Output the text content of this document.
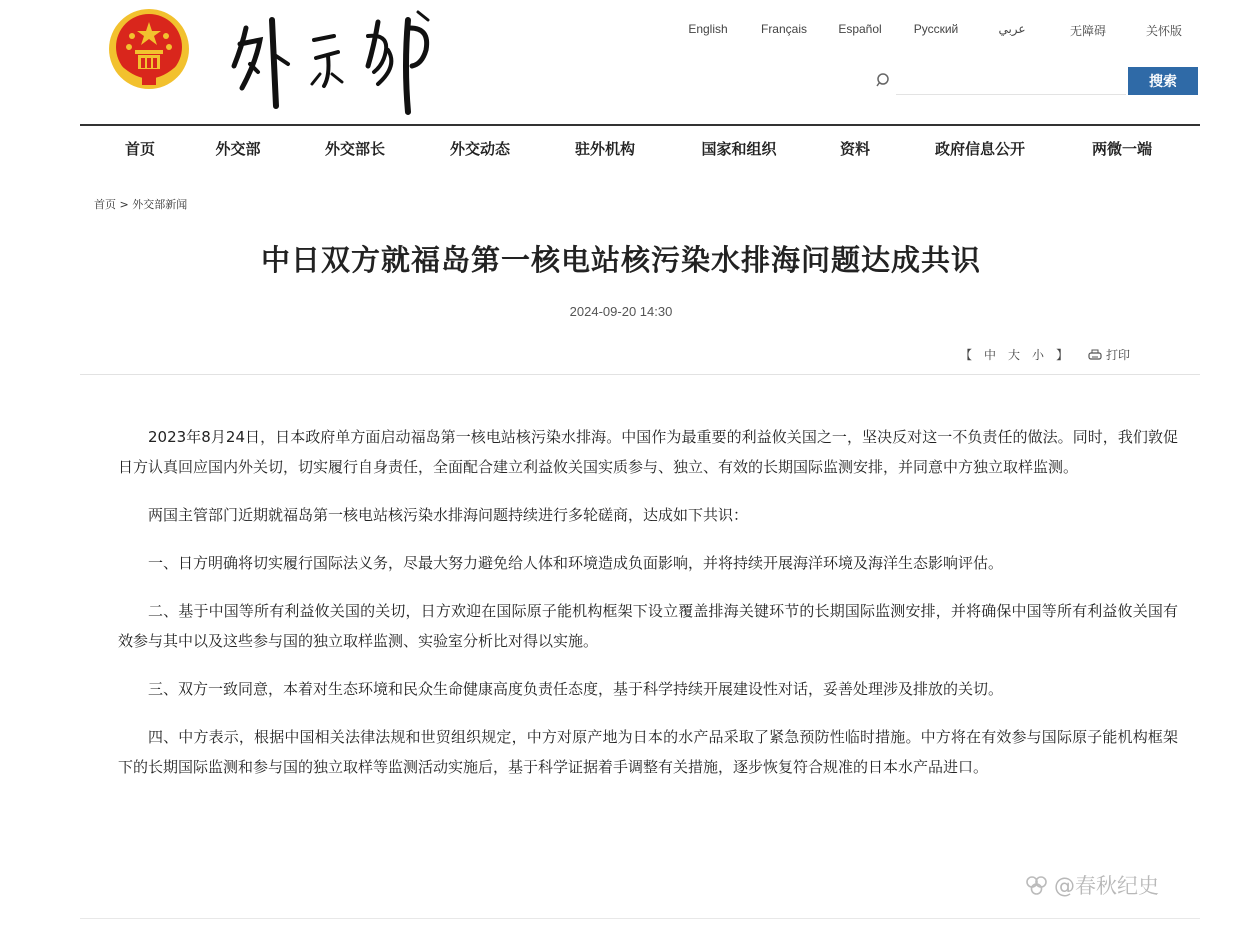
English	Français	Español	Русский	عربي	无障碍	关怀版
搜索
首页	外交部	外交部长	外交动态	驻外机构	国家和组织	资料	政府信息公开	两微一端
首页 > 外交部新闻
中日双方就福岛第一核电站核污染水排海问题达成共识
2024-09-20 14:30
【 中 大 小 】	打印

2023年8月24日，日本政府单方面启动福岛第一核电站核污染水排海。中国作为最重要的利益攸关国之一，坚决反对这一不负责任的做法。同时，我们敦促日方认真回应国内外关切，切实履行自身责任，全面配合建立利益攸关国实质参与、独立、有效的长期国际监测安排，并同意中方独立取样监测。

两国主管部门近期就福岛第一核电站核污染水排海问题持续进行多轮磋商，达成如下共识：

一、日方明确将切实履行国际法义务，尽最大努力避免给人体和环境造成负面影响，并将持续开展海洋环境及海洋生态影响评估。

二、基于中国等所有利益攸关国的关切，日方欢迎在国际原子能机构框架下设立覆盖排海关键环节的长期国际监测安排，并将确保中国等所有利益攸关国有效参与其中以及这些参与国的独立取样监测、实验室分析比对得以实施。

三、双方一致同意，本着对生态环境和民众生命健康高度负责任态度，基于科学持续开展建设性对话，妥善处理涉及排放的关切。

四、中方表示，根据中国相关法律法规和世贸组织规定，中方对原产地为日本的水产品采取了紧急预防性临时措施。中方将在有效参与国际原子能机构框架下的长期国际监测和参与国的独立取样等监测活动实施后，基于科学证据着手调整有关措施，逐步恢复符合规准的日本水产品进口。

@春秋纪史
